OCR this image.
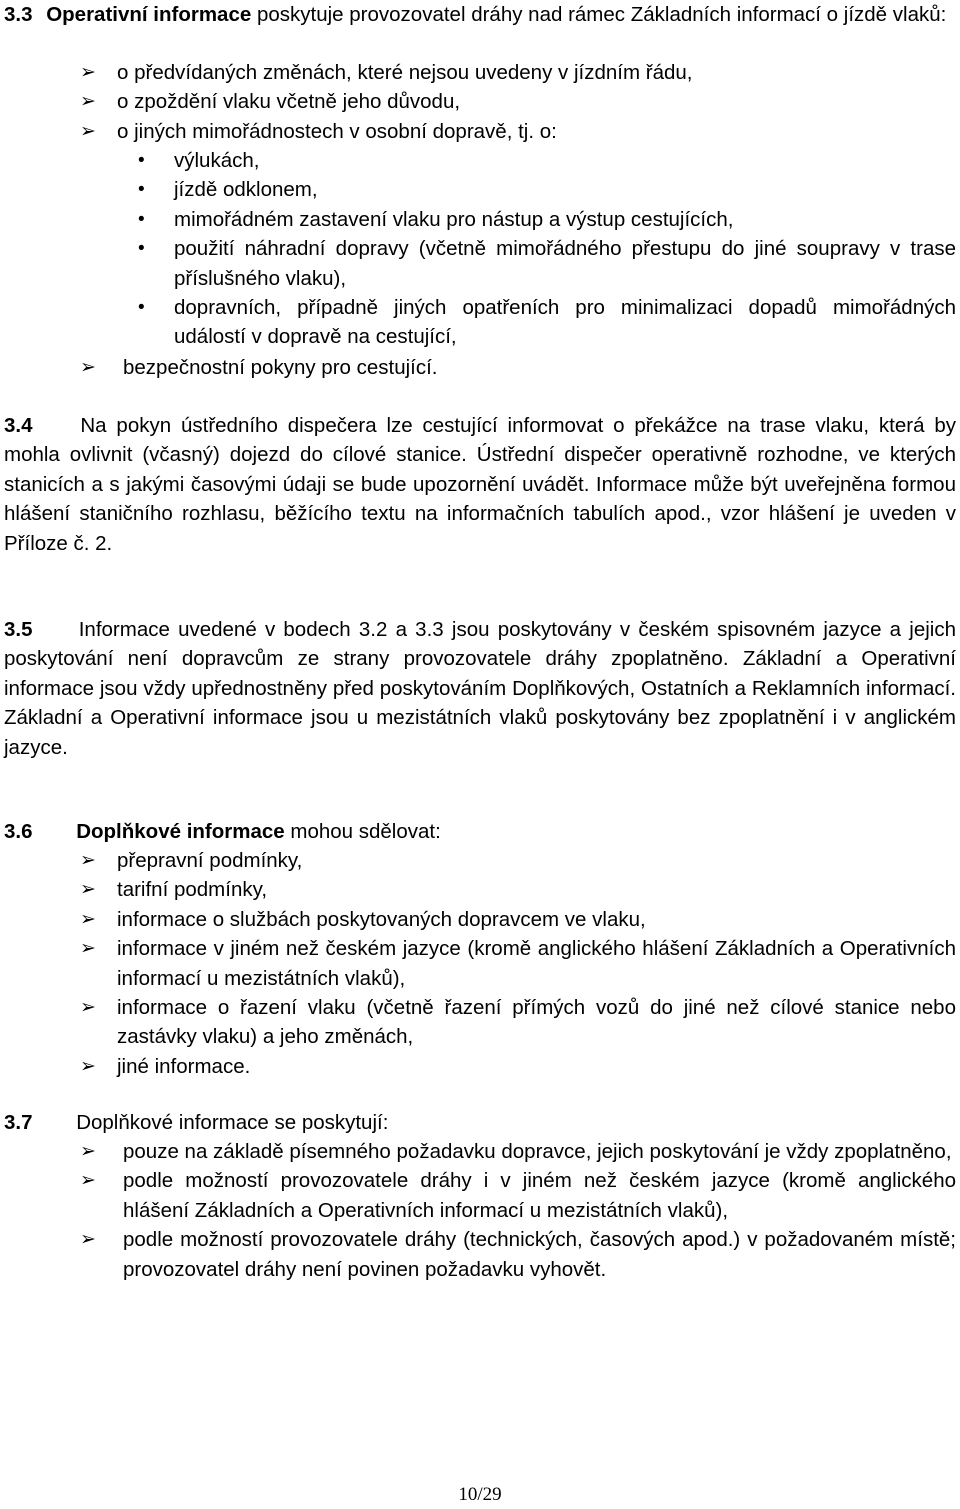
3.3 Operativní informace poskytuje provozovatel dráhy nad rámec Základních informací o jízdě vlaků:
➢ o předvídaných změnách, které nejsou uvedeny v jízdním řádu,
➢ o zpoždění vlaku včetně jeho důvodu,
➢ o jiných mimořádnostech v osobní dopravě, tj. o:
• výlukách,
• jízdě odklonem,
• mimořádném zastavení vlaku pro nástup a výstup cestujících,
• použití náhradní dopravy (včetně mimořádného přestupu do jiné soupravy v trase příslušného vlaku),
• dopravních, případně jiných opatřeních pro minimalizaci dopadů mimořádných událostí v dopravě na cestující,
➢ bezpečnostní pokyny pro cestující.
3.4 Na pokyn ústředního dispečera lze cestující informovat o překážce na trase vlaku, která by mohla ovlivnit (včasný) dojezd do cílové stanice. Ústřední dispečer operativně rozhodne, ve kterých stanicích a s jakými časovými údaji se bude upozornění uvádět. Informace může být uveřejněna formou hlášení staničního rozhlasu, běžícího textu na informačních tabulích apod., vzor hlášení je uveden v Příloze č. 2.
3.5 Informace uvedené v bodech 3.2 a 3.3 jsou poskytovány v českém spisovném jazyce a jejich poskytování není dopravcům ze strany provozovatele dráhy zpoplatněno. Základní a Operativní informace jsou vždy upřednostněny před poskytováním Doplňkových, Ostatních a Reklamních informací. Základní a Operativní informace jsou u mezistátních vlaků poskytovány bez zpoplatnění i v anglickém jazyce.
3.6 Doplňkové informace mohou sdělovat:
➢ přepravní podmínky,
➢ tarifní podmínky,
➢ informace o službách poskytovaných dopravcem ve vlaku,
➢ informace v jiném než českém jazyce (kromě anglického hlášení Základních a Operativních informací u mezistátních vlaků),
➢ informace o řazení vlaku (včetně řazení přímých vozů do jiné než cílové stanice nebo zastávky vlaku) a jeho změnách,
➢ jiné informace.
3.7 Doplňkové informace se poskytují:
➢ pouze na základě písemného požadavku dopravce, jejich poskytování je vždy zpoplatněno,
➢ podle možností provozovatele dráhy i v jiném než českém jazyce (kromě anglického hlášení Základních a Operativních informací u mezistátních vlaků),
➢ podle možností provozovatele dráhy (technických, časových apod.) v požadovaném místě; provozovatel dráhy není povinen požadavku vyhovět.
10/29
